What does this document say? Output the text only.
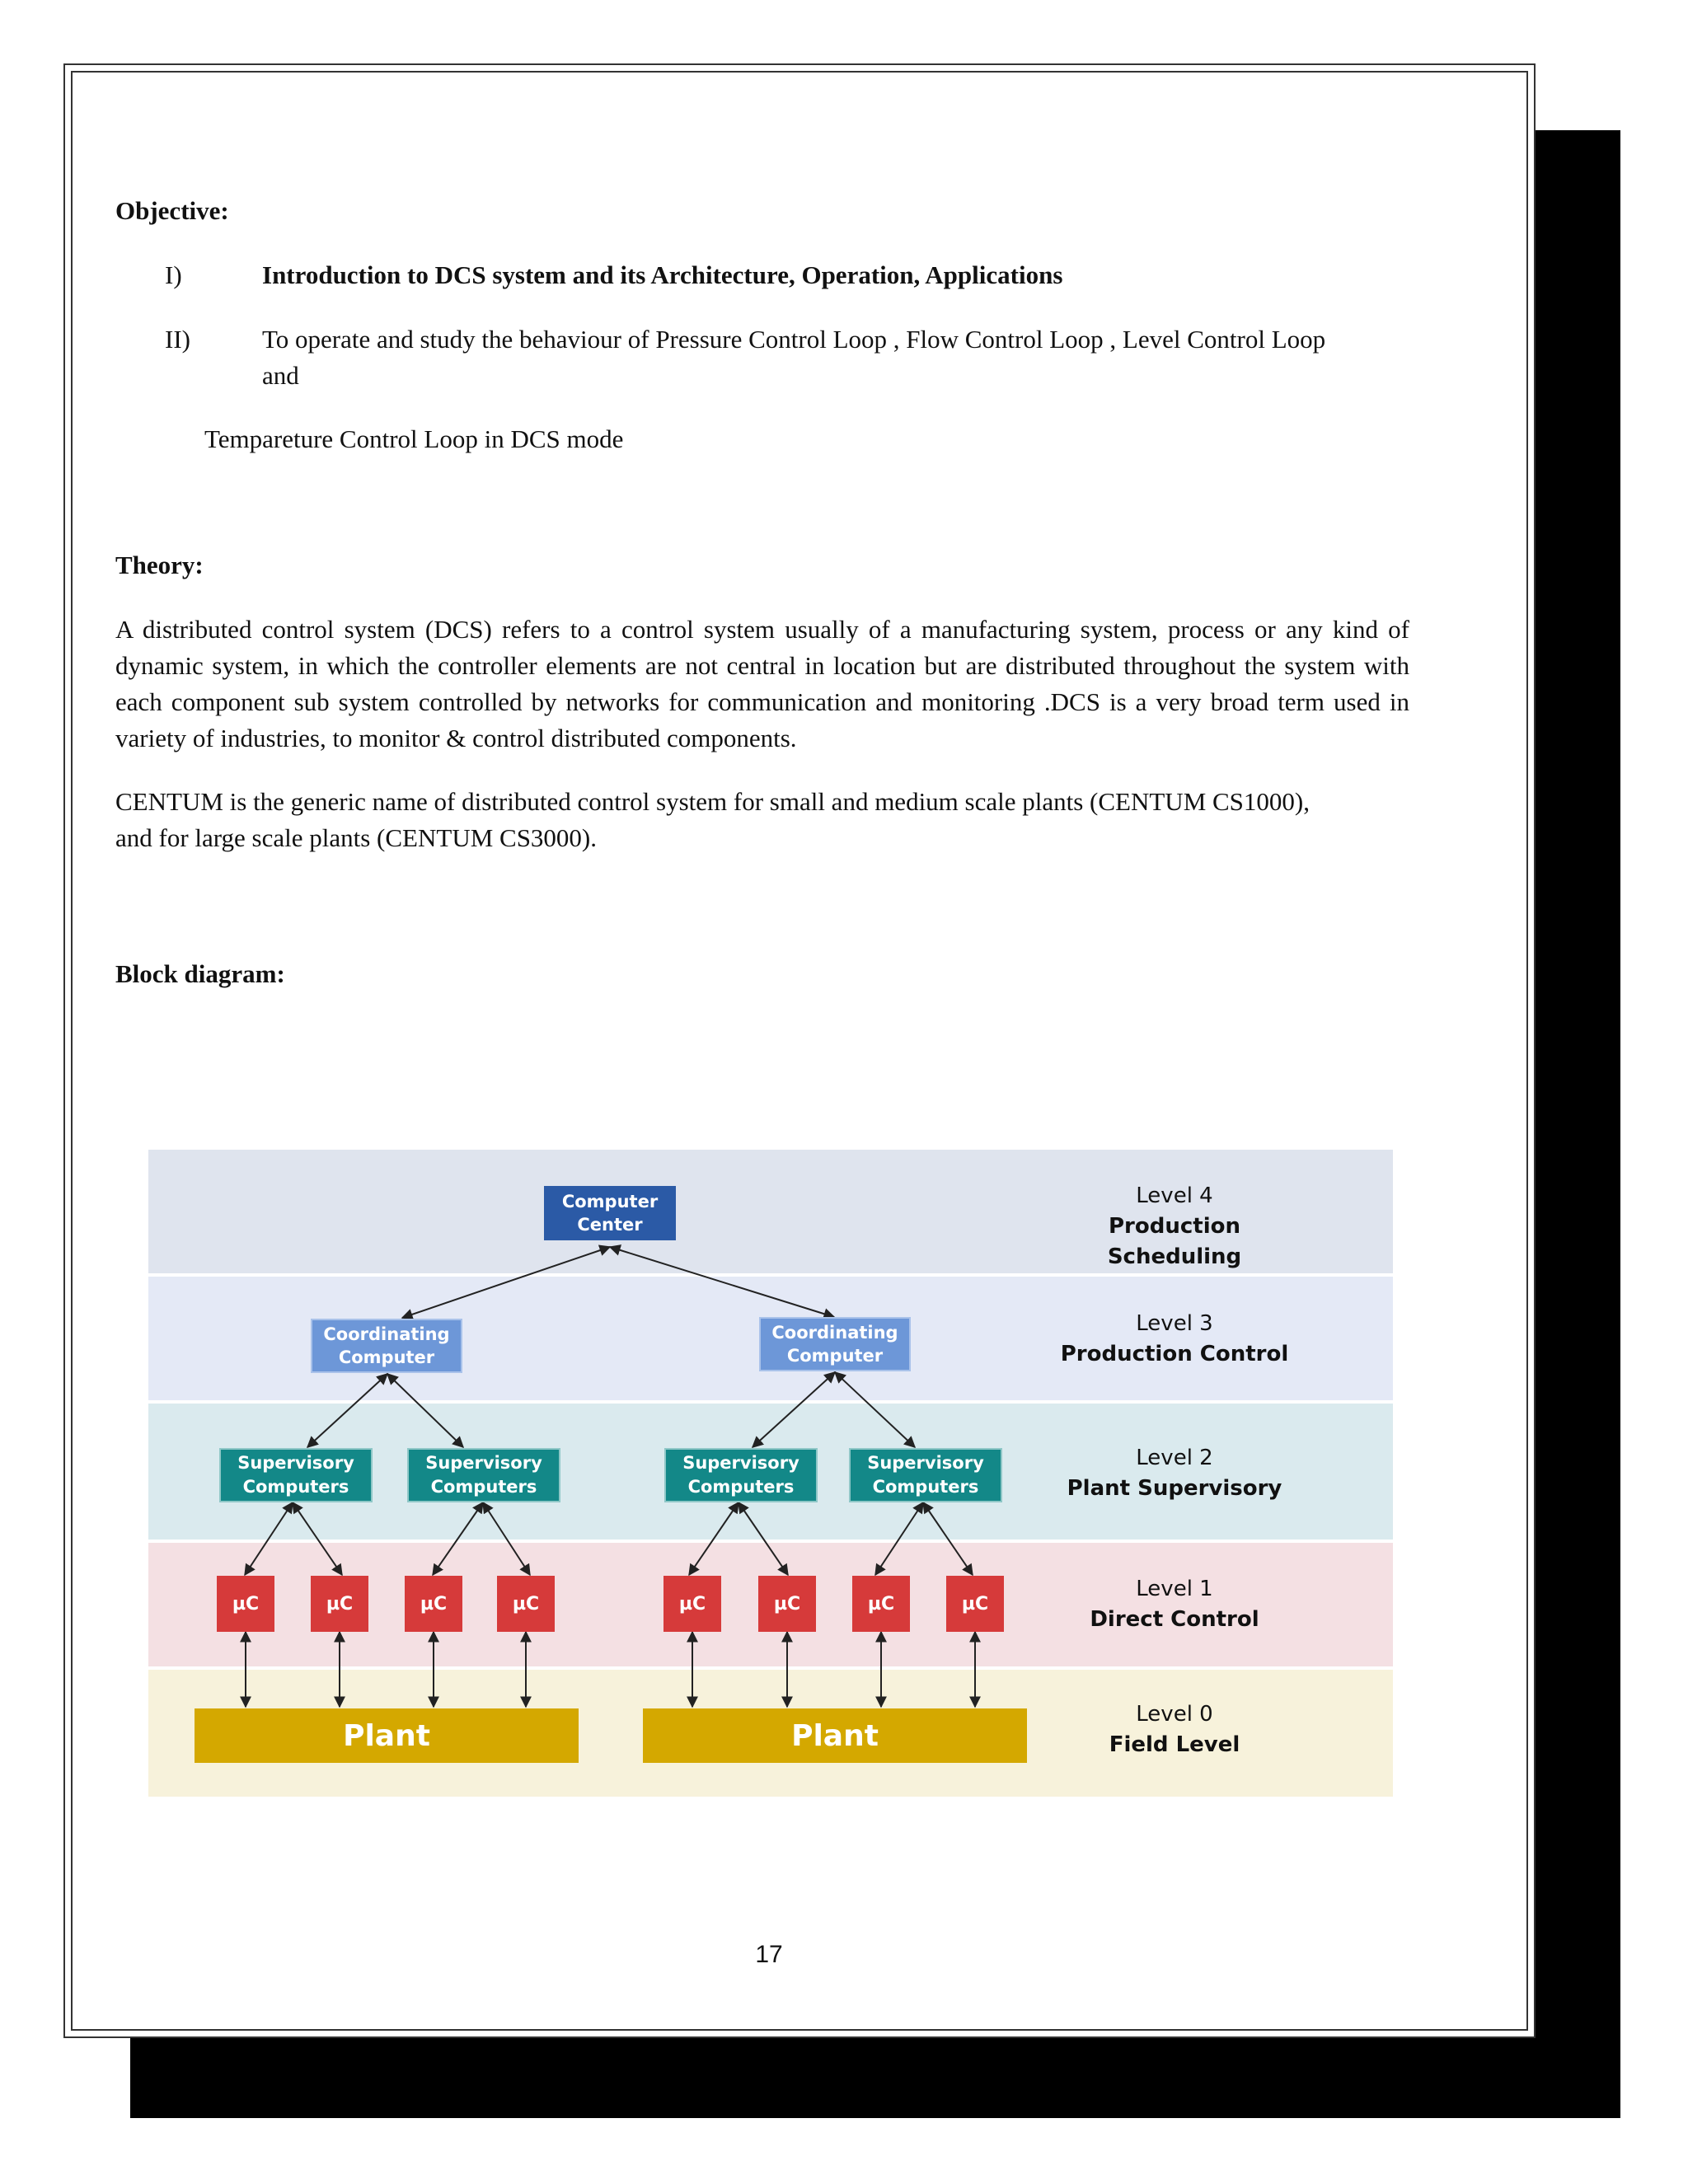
Objective:
I)	Introduction to DCS system and its Architecture, Operation, Applications
II)	To operate and study the behaviour of Pressure Control Loop , Flow Control Loop , Level Control Loop
and
Tempareture Control Loop in DCS mode
Theory:
A distributed control system (DCS) refers to a control system usually of a manufacturing system, process or any kind of dynamic system, in which the controller elements are not central in location but are distributed throughout the system with each component sub system controlled by networks for communication and monitoring .DCS is a very broad term used in variety of industries, to monitor & control distributed components.
CENTUM is the generic name of distributed control system for small and medium scale plants (CENTUM CS1000),
and for large scale plants (CENTUM CS3000).
Block diagram:
Computer
Center
Coordinating
Computer
Coordinating
Computer
Supervisory
Computers
Supervisory
Computers
Supervisory
Computers
Supervisory
Computers
µC	µC	µC	µC	µC	µC	µC	µC
Plant	Plant
Level 4
Production Scheduling
Level 3
Production Control
Level 2
Plant Supervisory
Level 1
Direct Control
Level 0
Field Level
17
